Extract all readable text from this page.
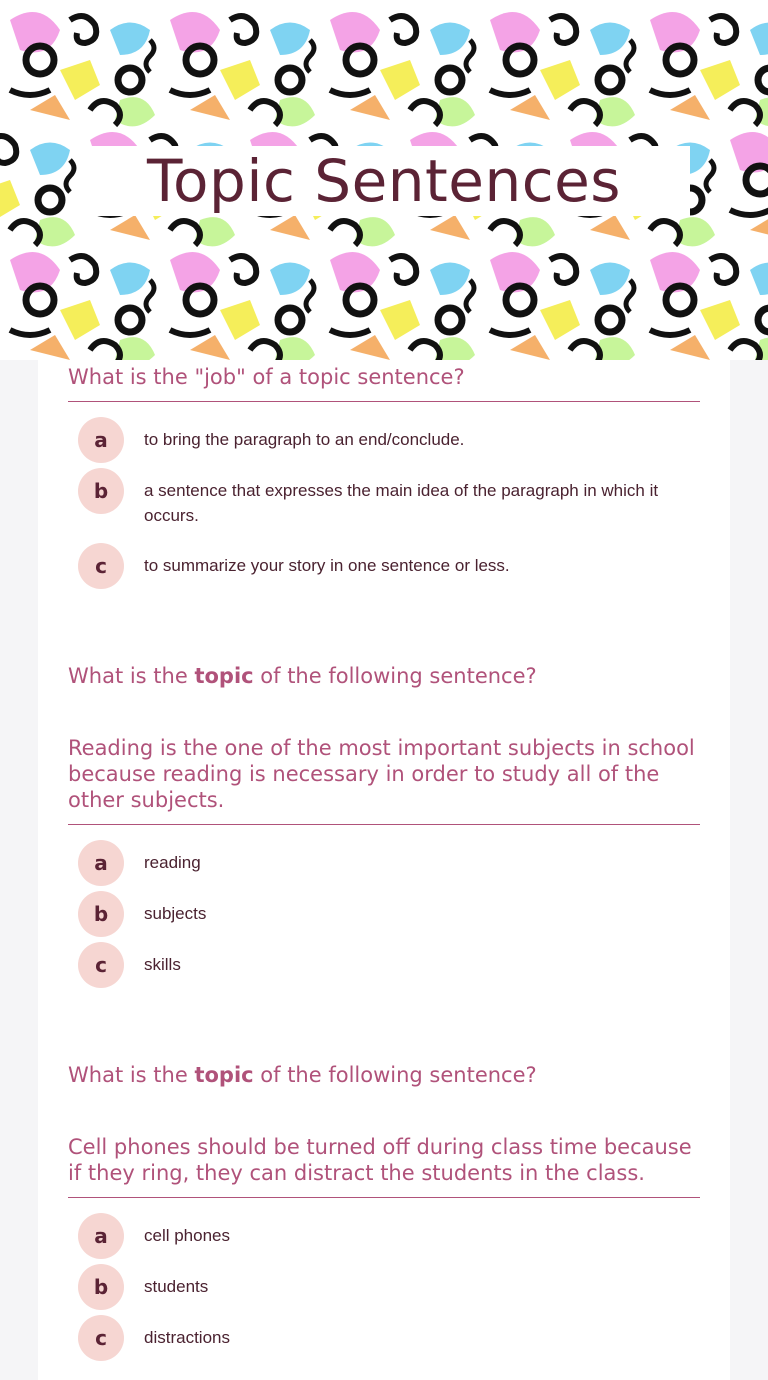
Topic Sentences

What is the "job" of a topic sentence?

a	to bring the paragraph to an end/conclude.
b	a sentence that expresses the main idea of the paragraph in which it occurs.
c	to summarize your story in one sentence or less.

What is the topic of the following sentence?

Reading is the one of the most important subjects in school because reading is necessary in order to study all of the other subjects.

a	reading
b	subjects
c	skills

What is the topic of the following sentence?

Cell phones should be turned off during class time because if they ring, they can distract the students in the class.

a	cell phones
b	students
c	distractions
